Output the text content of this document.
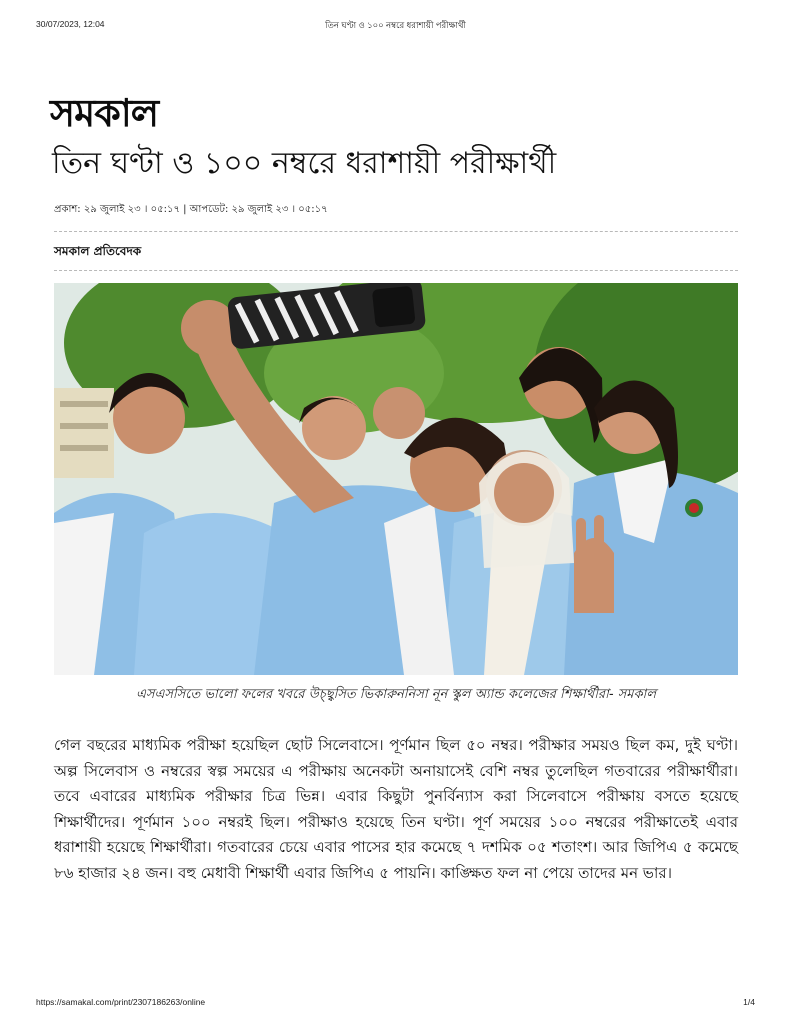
30/07/2023, 12:04	তিন ঘণ্টা ও ১০০ নম্বরে ধরাশায়ী পরীক্ষার্থী
সমকাল
তিন ঘণ্টা ও ১০০ নম্বরে ধরাশায়ী পরীক্ষার্থী
প্রকাশ: ২৯ জুলাই ২৩ । ০৫:১৭ | আপডেট: ২৯ জুলাই ২৩ । ০৫:১৭
সমকাল প্রতিবেদক
এসএসসিতে ভালো ফলের খবরে উচ্ছ্বসিত ভিকারুননিসা নূন স্কুল অ্যান্ড কলেজের শিক্ষার্থীরা- সমকাল

গেল বছরের মাধ্যমিক পরীক্ষা হয়েছিল ছোট সিলেবাসে। পূর্ণমান ছিল ৫০ নম্বর। পরীক্ষার সময়ও ছিল কম, দুই ঘণ্টা। অল্প সিলেবাস ও নম্বরের স্বল্প সময়ের এ পরীক্ষায় অনেকটা অনায়াসেই বেশি নম্বর তুলেছিল গতবারের পরীক্ষার্থীরা। তবে এবারের মাধ্যমিক পরীক্ষার চিত্র ভিন্ন। এবার কিছুটা পুনর্বিন্যাস করা সিলেবাসে পরীক্ষায় বসতে হয়েছে শিক্ষার্থীদের। পূর্ণমান ১০০ নম্বরই ছিল। পরীক্ষাও হয়েছে তিন ঘণ্টা। পূর্ণ সময়ের ১০০ নম্বরের পরীক্ষাতেই এবার ধরাশায়ী হয়েছে শিক্ষার্থীরা। গতবারের চেয়ে এবার পাসের হার কমেছে ৭ দশমিক ০৫ শতাংশ। আর জিপিএ ৫ কমেছে ৮৬ হাজার ২৪ জন। বহু মেধাবী শিক্ষার্থী এবার জিপিএ ৫ পায়নি। কাঙ্ক্ষিত ফল না পেয়ে তাদের মন ভার।

https://samakal.com/print/2307186263/online	1/4
